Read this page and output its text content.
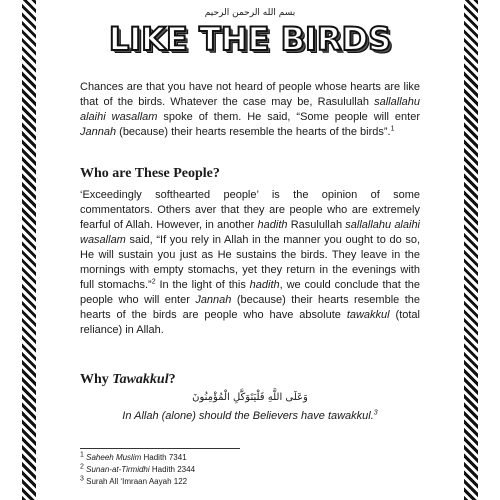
بسم الله الرحمن الرحيم
LIKE THE BIRDS
Chances are that you have not heard of people whose hearts are like that of the birds. Whatever the case may be, Rasulullah sallallahu alaihi wasallam spoke of them. He said, “Some people will enter Jannah (because) their hearts resemble the hearts of the birds”.$^1$
Who are These People?
‘Exceedingly softhearted people’ is the opinion of some commentators. Others aver that they are people who are extremely fearful of Allah. However, in another hadith Rasulullah sallallahu alaihi wasallam said, “If you rely in Allah in the manner you ought to do so, He will sustain you just as He sustains the birds. They leave in the mornings with empty stomachs, yet they return in the evenings with full stomachs.”$^2$ In the light of this hadith, we could conclude that the people who will enter Jannah (because) their hearts resemble the hearts of the birds are people who have absolute tawakkul (total reliance) in Allah.
Why Tawakkul?
وَعَلَى اللَّهِ فَلْيَتَوَكَّلِ الْمُؤْمِنُونَ
In Allah (alone) should the Believers have tawakkul.$^3$
$^1$ Saheeh Muslim Hadith 7341
$^2$ Sunan-at-Tirmidhi Hadith 2344
$^3$ Surah All ‘Imraan Aayah 122
